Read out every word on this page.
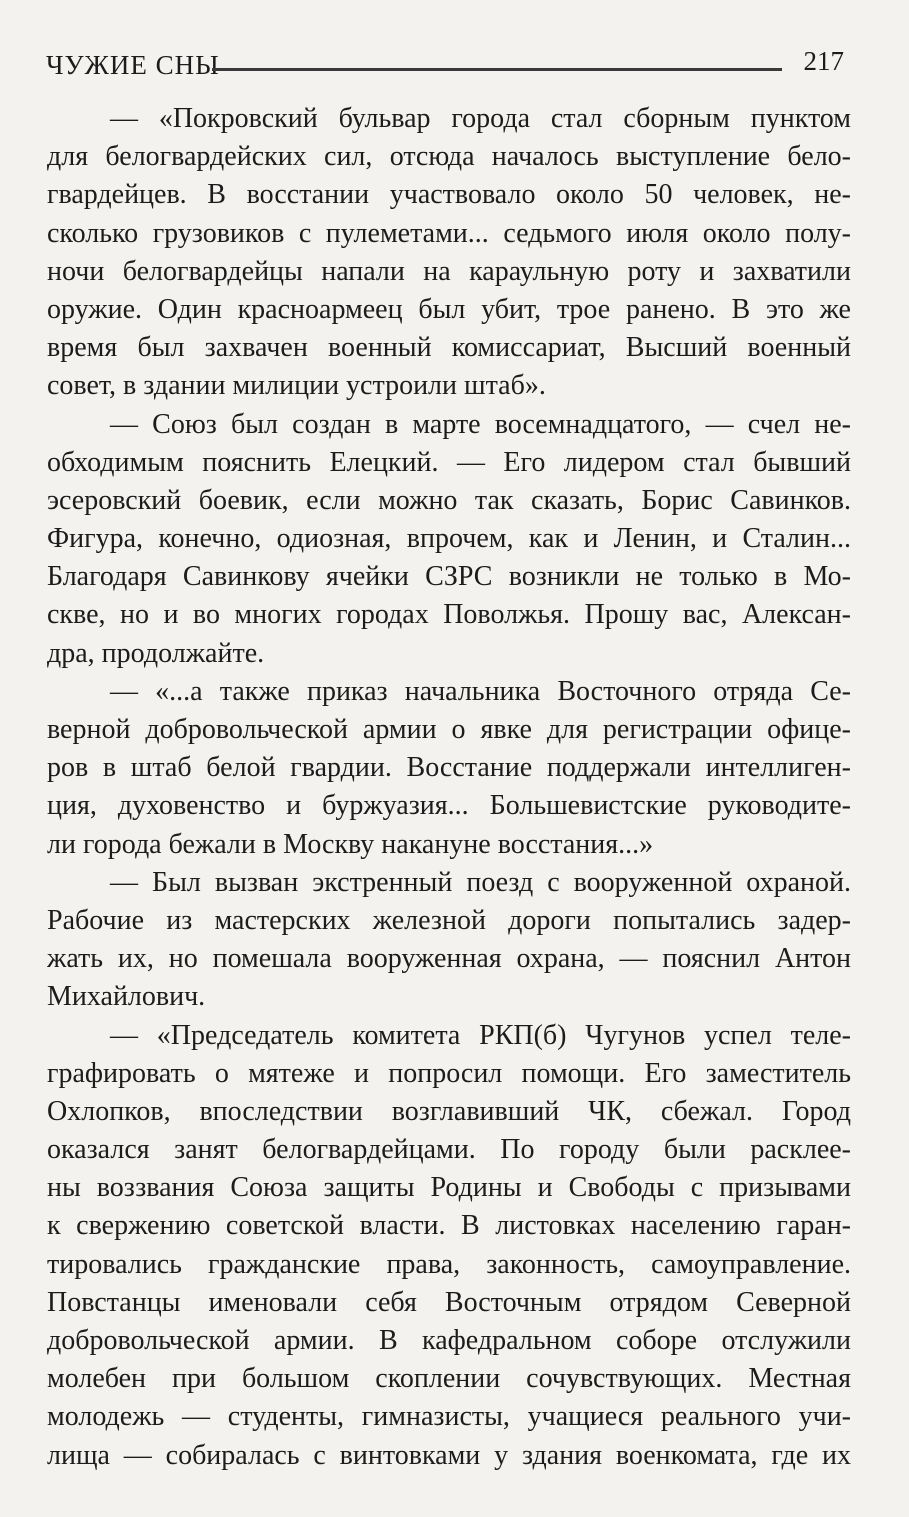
ЧУЖИЕ СНЫ	217
— «Покровский бульвар города стал сборным пунктом
для белогвардейских сил, отсюда началось выступление бело-
гвардейцев. В восстании участвовало около 50 человек, не-
сколько грузовиков с пулеметами... седьмого июля около полу-
ночи белогвардейцы напали на караульную роту и захватили
оружие. Один красноармеец был убит, трое ранено. В это же
время был захвачен военный комиссариат, Высший военный
совет, в здании милиции устроили штаб».
— Союз был создан в марте восемнадцатого, — счел не-
обходимым пояснить Елецкий. — Его лидером стал бывший
эсеровский боевик, если можно так сказать, Борис Савинков.
Фигура, конечно, одиозная, впрочем, как и Ленин, и Сталин...
Благодаря Савинкову ячейки СЗРС возникли не только в Мо-
скве, но и во многих городах Поволжья. Прошу вас, Алексан-
дра, продолжайте.
— «...а также приказ начальника Восточного отряда Се-
верной добровольческой армии о явке для регистрации офице-
ров в штаб белой гвардии. Восстание поддержали интеллиген-
ция, духовенство и буржуазия... Большевистские руководите-
ли города бежали в Москву накануне восстания...»
— Был вызван экстренный поезд с вооруженной охраной.
Рабочие из мастерских железной дороги попытались задер-
жать их, но помешала вооруженная охрана, — пояснил Антон
Михайлович.
— «Председатель комитета РКП(б) Чугунов успел теле-
графировать о мятеже и попросил помощи. Его заместитель
Охлопков, впоследствии возглавивший ЧК, сбежал. Город
оказался занят белогвардейцами. По городу были расклее-
ны воззвания Союза защиты Родины и Свободы с призывами
к свержению советской власти. В листовках населению гаран-
тировались гражданские права, законность, самоуправление.
Повстанцы именовали себя Восточным отрядом Северной
добровольческой армии. В кафедральном соборе отслужили
молебен при большом скоплении сочувствующих. Местная
молодежь — студенты, гимназисты, учащиеся реального учи-
лища — собиралась с винтовками у здания военкомата, где их
